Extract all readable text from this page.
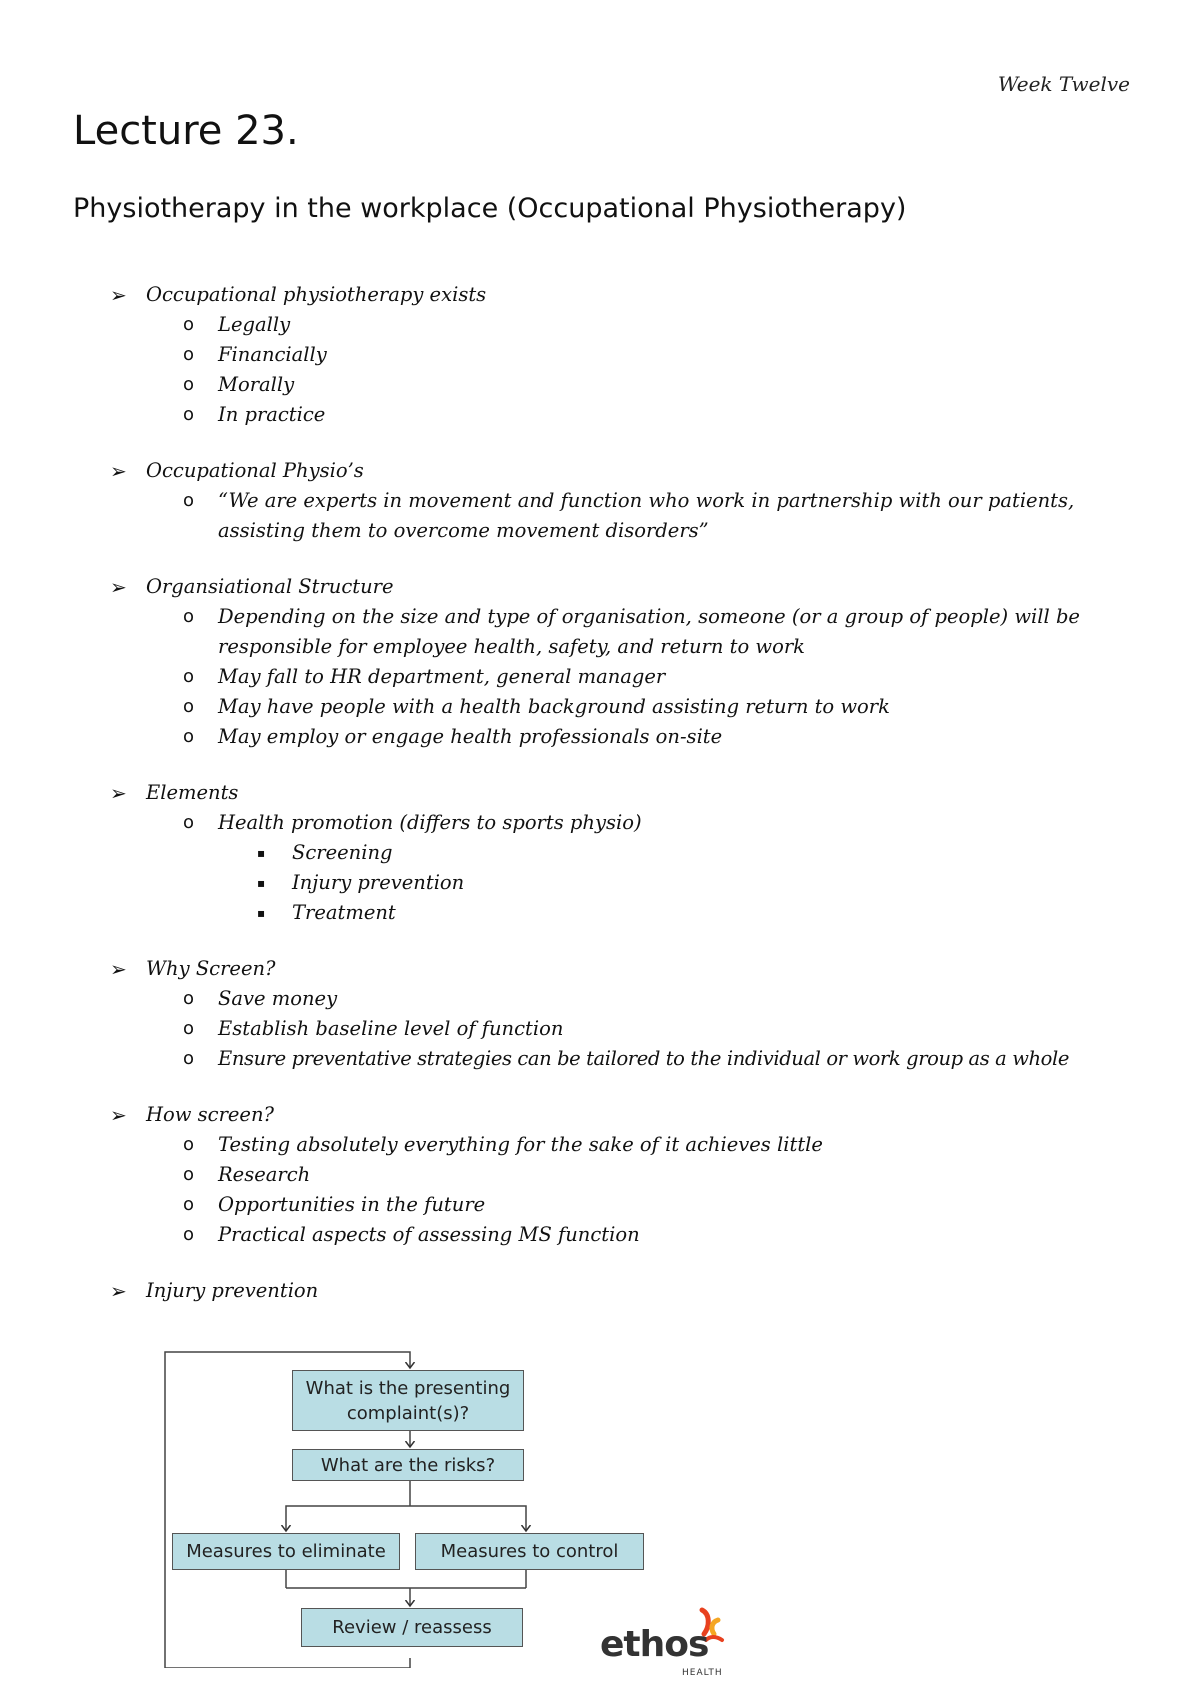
Week Twelve
Lecture 23.
Physiotherapy in the workplace (Occupational Physiotherapy)
➢ Occupational physiotherapy exists
o Legally
o Financially
o Morally
o In practice
➢ Occupational Physio’s
o “We are experts in movement and function who work in partnership with our patients,
assisting them to overcome movement disorders”
➢ Organsiational Structure
o Depending on the size and type of organisation, someone (or a group of people) will be
responsible for employee health, safety, and return to work
o May fall to HR department, general manager
o May have people with a health background assisting return to work
o May employ or engage health professionals on-site
➢ Elements
o Health promotion (differs to sports physio)
▪ Screening
▪ Injury prevention
▪ Treatment
➢ Why Screen?
o Save money
o Establish baseline level of function
o Ensure preventative strategies can be tailored to the individual or work group as a whole
➢ How screen?
o Testing absolutely everything for the sake of it achieves little
o Research
o Opportunities in the future
o Practical aspects of assessing MS function
➢ Injury prevention
What is the presenting
complaint(s)?
What are the risks?
Measures to eliminate	Measures to control
Review / reassess	ethos
HEALTH
